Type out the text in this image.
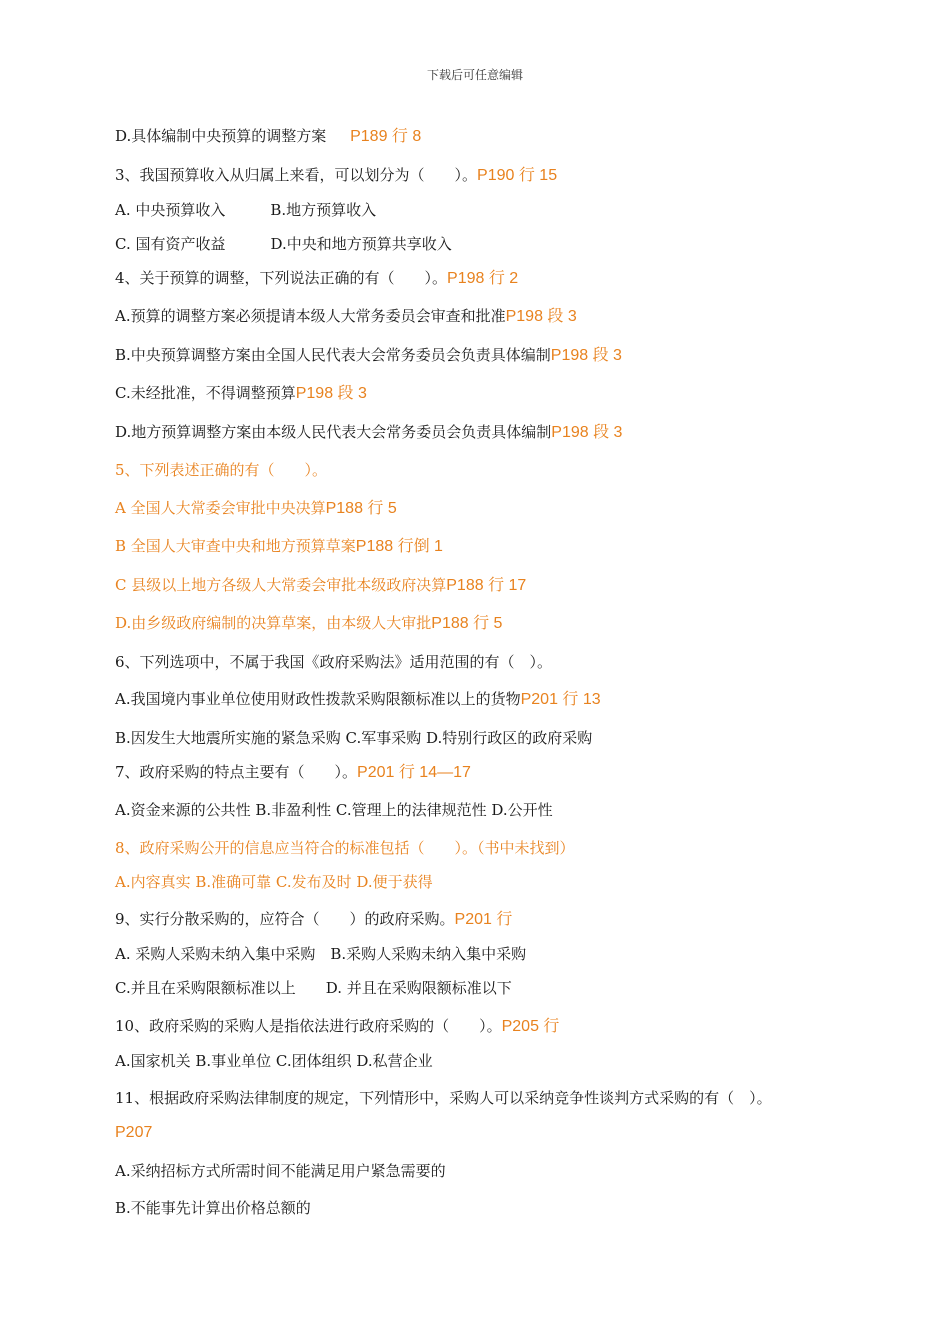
下载后可任意编辑
D.具体编制中央预算的调整方案 P189 行 8
3、我国预算收入从归属上来看，可以划分为（　　）。P190 行 15
A. 中央预算收入　　　B.地方预算收入
C. 国有资产收益　　　D.中央和地方预算共享收入
4、关于预算的调整，下列说法正确的有（　　）。P198 行 2
A.预算的调整方案必须提请本级人大常务委员会审查和批准P198 段 3
B.中央预算调整方案由全国人民代表大会常务委员会负责具体编制P198 段 3
C.未经批准，不得调整预算P198 段 3
D.地方预算调整方案由本级人民代表大会常务委员会负责具体编制P198 段 3
5、下列表述正确的有（　　）。
A 全国人大常委会审批中央决算P188 行 5
B 全国人大审查中央和地方预算草案P188 行倒 1
C 县级以上地方各级人大常委会审批本级政府决算P188 行 17
D.由乡级政府编制的决算草案，由本级人大审批P188 行 5
6、下列选项中，不属于我国《政府采购法》适用范围的有（　）。
A.我国境内事业单位使用财政性拨款采购限额标准以上的货物P201 行 13
B.因发生大地震所实施的紧急采购 C.军事采购 D.特别行政区的政府采购
7、政府采购的特点主要有（　　）。P201 行 14—17
A.资金来源的公共性 B.非盈利性 C.管理上的法律规范性 D.公开性
8、政府采购公开的信息应当符合的标准包括（　　）。（书中未找到）
A.内容真实 B.准确可靠 C.发布及时 D.便于获得
9、实行分散采购的，应符合（　　）的政府采购。P201 行
A. 采购人采购未纳入集中采购　B.采购人采购未纳入集中采购
C.并且在采购限额标准以上　　D. 并且在采购限额标准以下
10、政府采购的采购人是指依法进行政府采购的（　　）。P205 行
A.国家机关 B.事业单位 C.团体组织 D.私营企业
11、根据政府采购法律制度的规定，下列情形中，采购人可以采纳竞争性谈判方式采购的有（　）。
P207
A.采纳招标方式所需时间不能满足用户紧急需要的
B.不能事先计算出价格总额的
